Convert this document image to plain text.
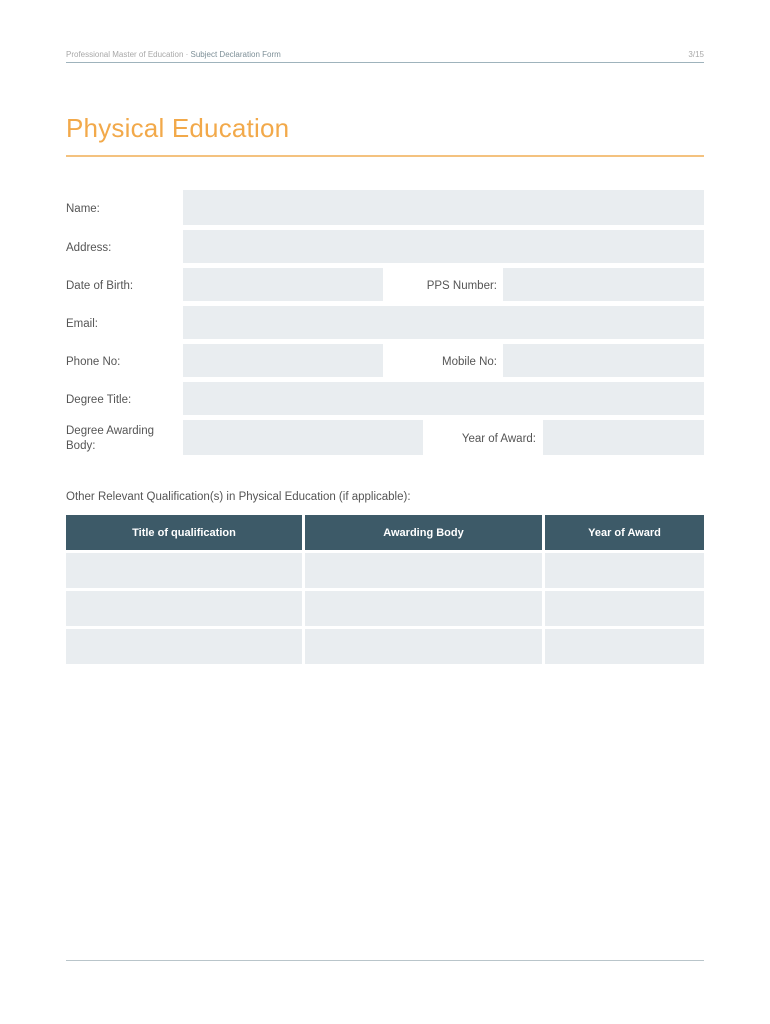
Professional Master of Education · Subject Declaration Form	3/15
Physical Education
Name:
Address:
Date of Birth:	PPS Number:
Email:
Phone No:	Mobile No:
Degree Title:
Degree Awarding
Body:
Year of Award:
Other Relevant Qualification(s) in Physical Education (if applicable):
Title of qualification	Awarding Body	Year of Award
